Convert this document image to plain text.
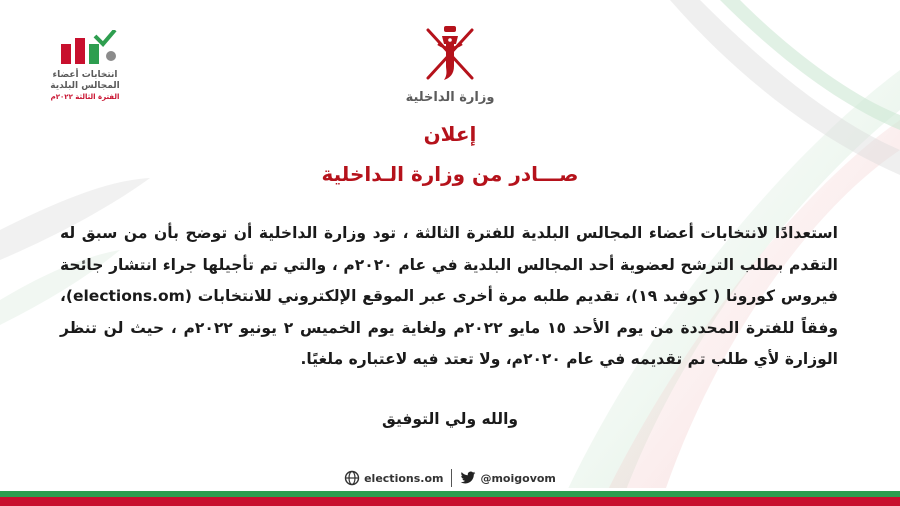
انتخابات أعضاء
المجالس البلدية
الفترة الثالثة ٢٠٢٢م	وزارة الداخلية
إعلان
صـــادر من وزارة الـداخلية
استعدادًا لانتخابات أعضاء المجالس البلدية للفترة الثالثة ، تود وزارة الداخلية أن توضح بأن من سبق له التقدم بطلب الترشح لعضوية أحد المجالس البلدية في عام ٢٠٢٠م ، والتي تم تأجيلها جراء انتشار جائحة فيروس كورونا ( كوفيد ١٩)، تقديم طلبه مرة أخرى عبر الموقع الإلكتروني للانتخابات (elections.om)، وفقاً للفترة المحددة من يوم الأحد ١٥ مايو ٢٠٢٢م ولغاية يوم الخميس ٢ يونيو ٢٠٢٢م ، حيث لن تنظر الوزارة لأي طلب تم تقديمه في عام ٢٠٢٠م، ولا تعتد فيه لاعتباره ملغيًا.
والله ولي التوفيق
elections.om	@moigovom
